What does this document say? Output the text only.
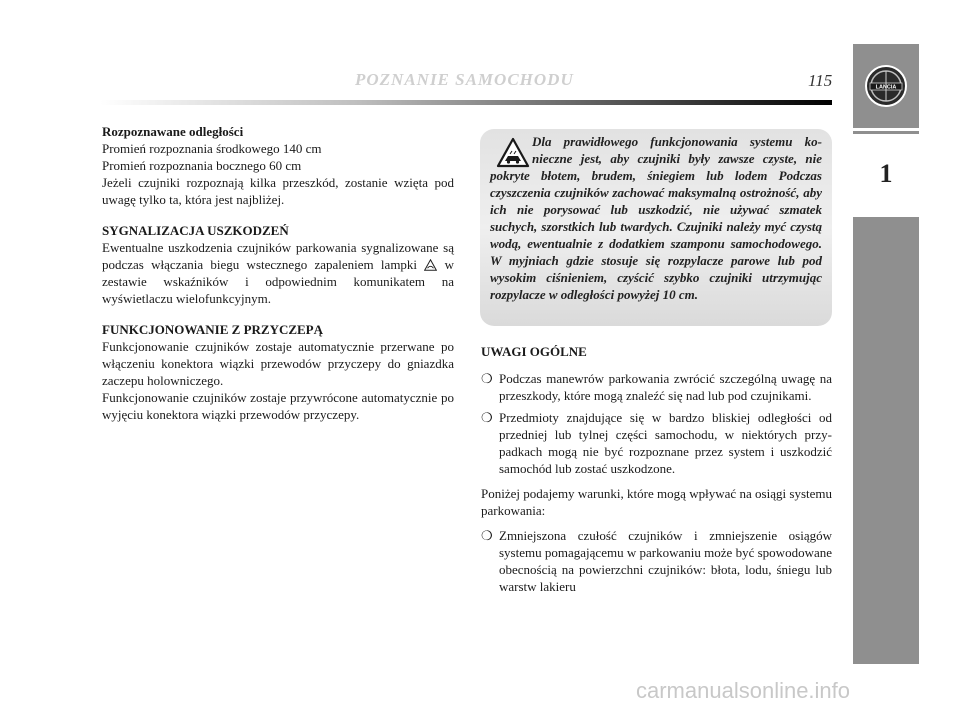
POZNANIE SAMOCHODU	115	LANCIA
1

Rozpoznawane odległości

Promień rozpoznania środkowego 140 cm

Promień rozpoznania bocznego 60 cm

Jeżeli czujniki rozpoznają kilka przeszkód, zostanie wzięta pod uwagę tylko ta, która jest najbliżej.

SYGNALIZACJA USZKODZEŃ

Ewentualne uszkodzenia czujników parkowania sygnalizowane są podczas włączania biegu wstecznego zapaleniem lampki w zestawie wskaźników i odpowiednim komunikatem na wyświetlaczu wielofunkcyjnym.

FUNKCJONOWANIE Z PRZYCZEPĄ

Funkcjonowanie czujników zostaje automatycznie przerwane po włączeniu konektora wiązki przewodów przyczepy do gniazdka zaczepu holowniczego.

Funkcjonowanie czujników zostaje przywrócone automatycznie po wyjęciu konektora wiązki przewodów przyczepy.

Dla prawidłowego funkcjonowania systemu konieczne jest, aby czujniki były zawsze czyste, nie pokryte błotem, brudem, śniegiem lub lodem Podczas czyszczenia czujników zachować maksymalną ostrożność, aby ich nie porysować lub uszkodzić, nie używać szmatek suchych, szorstkich lub twardych. Czujniki należy myć czystą wodą, ewentualnie z dodatkiem szamponu samochodowego. W myjniach gdzie stosuje się rozpylacze parowe lub pod wysokim ciśnieniem, czyścić szybko czujniki utrzymując rozpylacze w odległości powyżej 10 cm.

UWAGI OGÓLNE

❍ Podczas manewrów parkowania zwrócić szczególną uwagę na przeszkody, które mogą znaleźć się nad lub pod czujnikami.
❍ Przedmioty znajdujące się w bardzo bliskiej odległości od przedniej lub tylnej części samochodu, w niektórych przypadkach mogą nie być rozpoznane przez system i uszkodzić samochód lub zostać uszkodzone.

Poniżej podajemy warunki, które mogą wpływać na osiągi systemu parkowania:

❍ Zmniejszona czułość czujników i zmniejszenie osiągów systemu pomagającemu w parkowaniu może być spowodowane obecnością na powierzchni czujników: błota, lodu, śniegu lub warstw lakieru
carmanualsonline.info
